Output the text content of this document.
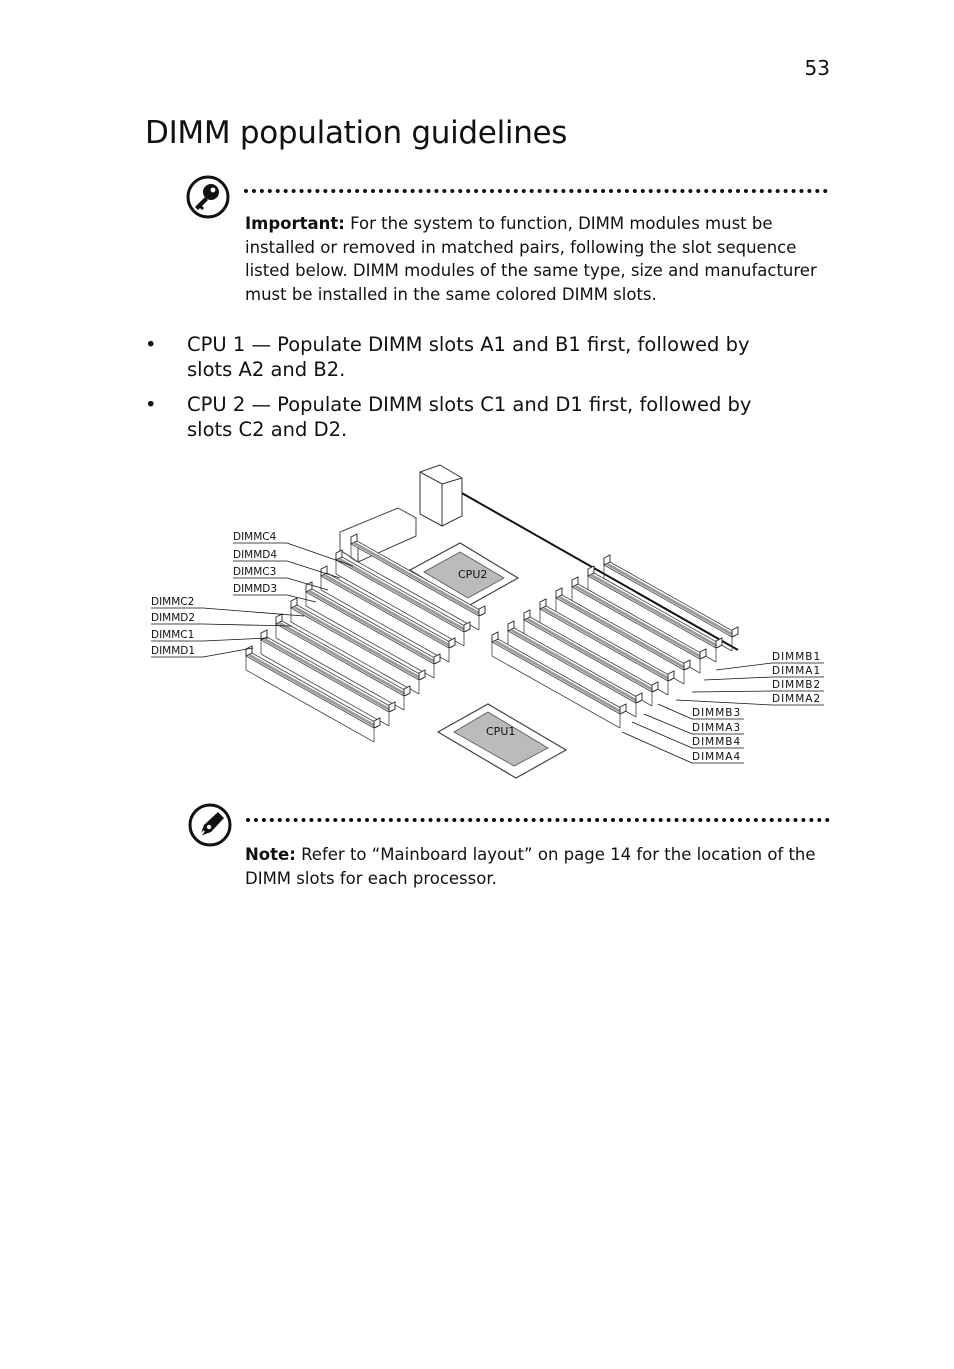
53
DIMM population guidelines
Important: For the system to function, DIMM modules must be installed or removed in matched pairs, following the slot sequence listed below. DIMM modules of the same type, size and manufacturer must be installed in the same colored DIMM slots.
• CPU 1 — Populate DIMM slots A1 and B1 first, followed by slots A2 and B2.
• CPU 2 — Populate DIMM slots C1 and D1 first, followed by slots C2 and D2.
CPU2
CPU1
DIMMC4
DIMMD4
DIMMC3
DIMMD3
DIMMC2
DIMMD2
DIMMC1
DIMMD1	DIMMB1
DIMMA1
DIMMB2
DIMMA2
DIMMB3
DIMMA3
DIMMB4
DIMMA4
Note: Refer to “Mainboard layout” on page 14 for the location of the DIMM slots for each processor.
